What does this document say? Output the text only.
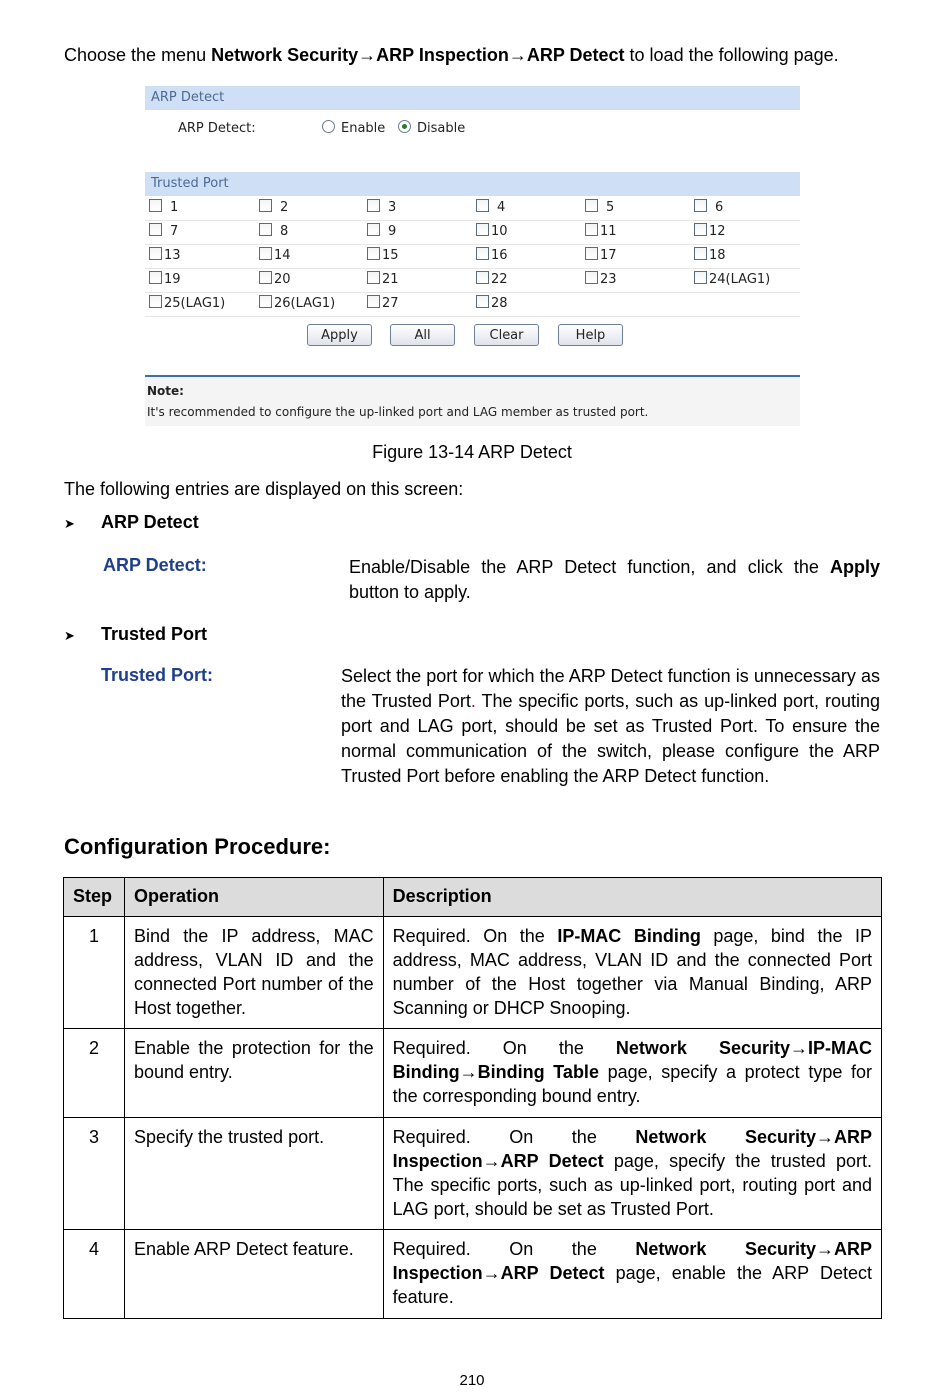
Choose the menu Network Security→ARP Inspection→ARP Detect to load the following page.
ARP Detect
ARP Detect:	Enable	Disable
Trusted Port
1	2	3	4	5	6
7	8	9	10	11	12
13	14	15	16	17	18
19	20	21	22	23	24(LAG1)
25(LAG1)	26(LAG1)	27	28
Apply	All	Clear	Help
Note:
It's recommended to configure the up-linked port and LAG member as trusted port.
Figure 13-14 ARP Detect
The following entries are displayed on this screen:
➤ ARP Detect
ARP Detect:	Enable/Disable the ARP Detect function, and click the Apply button to apply.
➤ Trusted Port
Trusted Port:	Select the port for which the ARP Detect function is unnecessary as the Trusted Port. The specific ports, such as up-linked port, routing port and LAG port, should be set as Trusted Port. To ensure the normal communication of the switch, please configure the ARP Trusted Port before enabling the ARP Detect function.
Configuration Procedure:
Step	Operation	Description
1	Bind the IP address, MAC address, VLAN ID and the connected Port number of the Host together.	Required. On the IP-MAC Binding page, bind the IP address, MAC address, VLAN ID and the connected Port number of the Host together via Manual Binding, ARP Scanning or DHCP Snooping.
2	Enable the protection for the bound entry.	Required. On the Network Security→IP-MAC Binding→Binding Table page, specify a protect type for the corresponding bound entry.
3	Specify the trusted port.	Required. On the Network Security→ARP Inspection→ARP Detect page, specify the trusted port. The specific ports, such as up-linked port, routing port and LAG port, should be set as Trusted Port.
4	Enable ARP Detect feature.	Required. On the Network Security→ARP Inspection→ARP Detect page, enable the ARP Detect feature.
210
